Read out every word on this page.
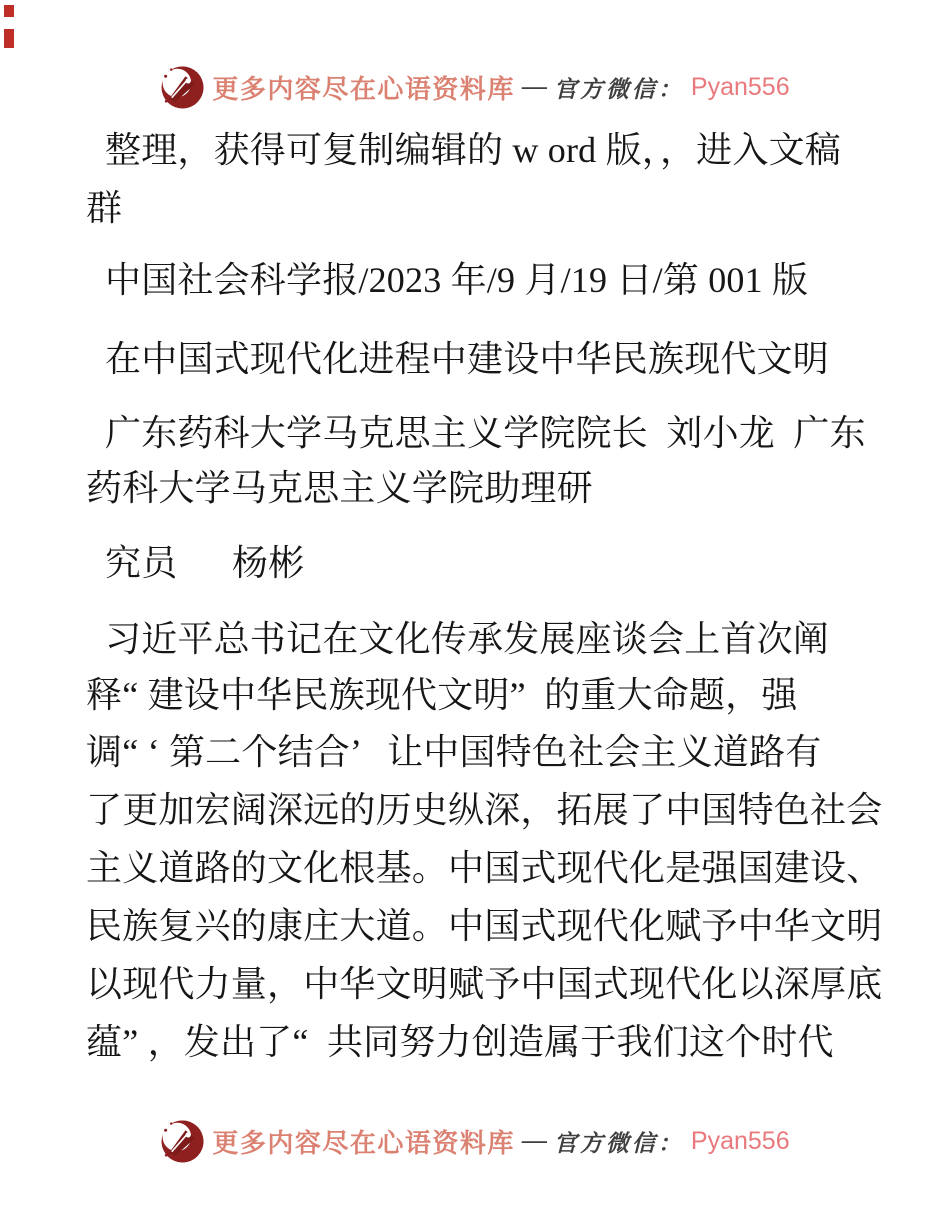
更多内容尽在心语资料库 — 官方微信： Pyan556
整理，获得可复制编辑的 w ord 版，，进入文稿
群
中国社会科学报/2023 年/9 月/19 日/第 001 版
在中国式现代化进程中建设中华民族现代文明
广东药科大学马克思主义学院院长  刘小龙  广东
药科大学马克思主义学院助理研
究员　  杨彬
习近平总书记在文化传承发展座谈会上首次阐
释“ 建设中华民族现代文明”  的重大命题，强
调“ ‘ 第二个结合’   让中国特色社会主义道路有
了更加宏阔深远的历史纵深，拓展了中国特色社会
主义道路的文化根基。中国式现代化是强国建设、
民族复兴的康庄大道。中国式现代化赋予中华文明
以现代力量，中华文明赋予中国式现代化以深厚底
蕴” ，发出了“  共同努力创造属于我们这个时代
更多内容尽在心语资料库 — 官方微信： Pyan556
